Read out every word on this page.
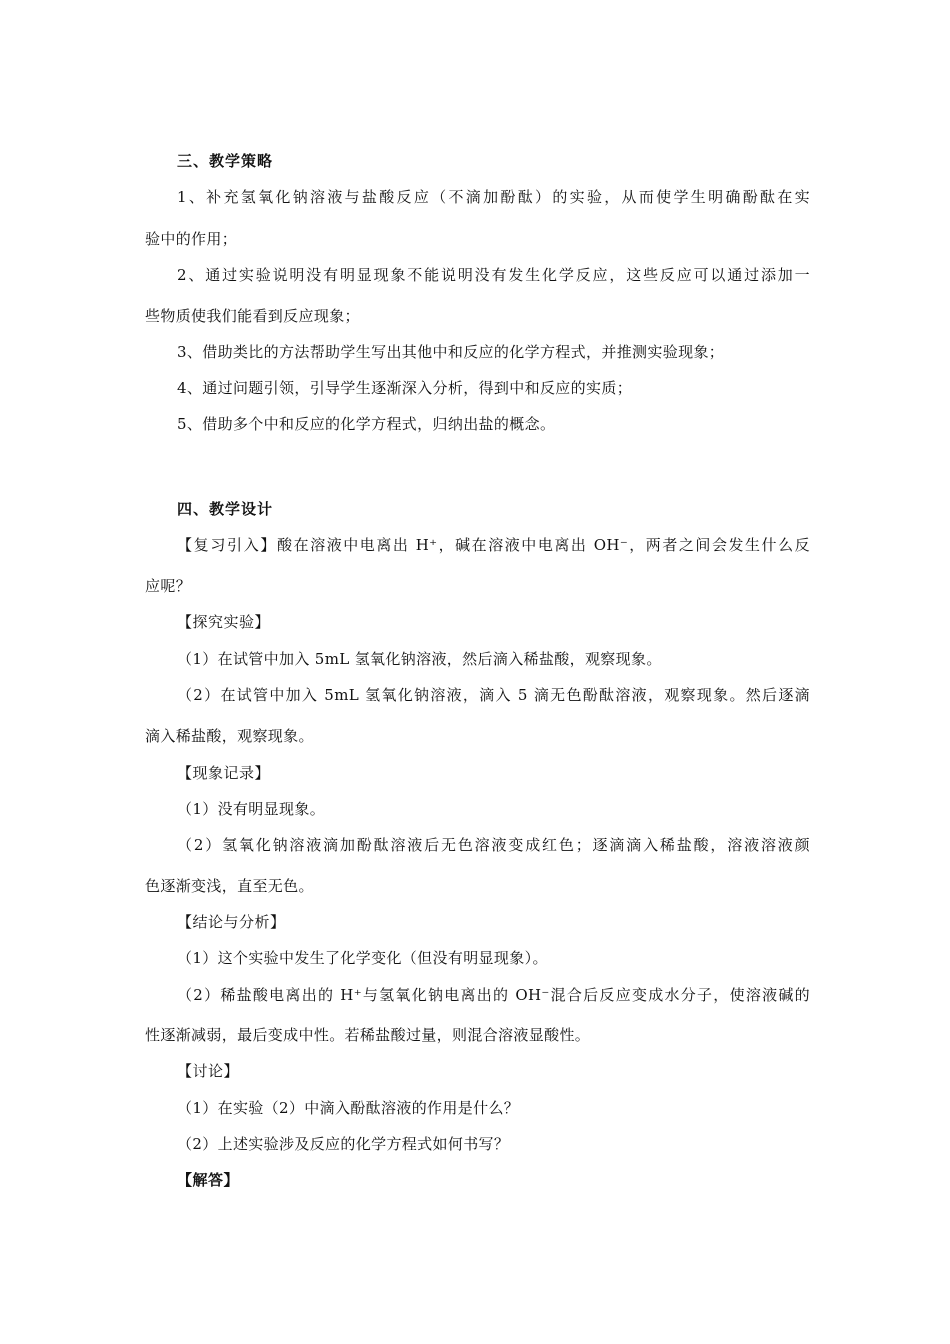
三、教学策略
1、补充氢氧化钠溶液与盐酸反应（不滴加酚酞）的实验，从而使学生明确酚酞在实
验中的作用；
2、通过实验说明没有明显现象不能说明没有发生化学反应，这些反应可以通过添加一
些物质使我们能看到反应现象；
3、借助类比的方法帮助学生写出其他中和反应的化学方程式，并推测实验现象；
4、通过问题引领，引导学生逐渐深入分析，得到中和反应的实质；
5、借助多个中和反应的化学方程式，归纳出盐的概念。
四、教学设计
【复习引入】酸在溶液中电离出 H⁺，碱在溶液中电离出 OH⁻，两者之间会发生什么反
应呢？
【探究实验】
（1）在试管中加入 5mL 氢氧化钠溶液，然后滴入稀盐酸，观察现象。
（2）在试管中加入 5mL 氢氧化钠溶液，滴入 5 滴无色酚酞溶液，观察现象。然后逐滴
滴入稀盐酸，观察现象。
【现象记录】
（1）没有明显现象。
（2）氢氧化钠溶液滴加酚酞溶液后无色溶液变成红色；逐滴滴入稀盐酸，溶液溶液颜
色逐渐变浅，直至无色。
【结论与分析】
（1）这个实验中发生了化学变化（但没有明显现象）。
（2）稀盐酸电离出的 H⁺与氢氧化钠电离出的 OH⁻混合后反应变成水分子，使溶液碱的
性逐渐减弱，最后变成中性。若稀盐酸过量，则混合溶液显酸性。
【讨论】
（1）在实验（2）中滴入酚酞溶液的作用是什么？
（2）上述实验涉及反应的化学方程式如何书写？
【解答】
